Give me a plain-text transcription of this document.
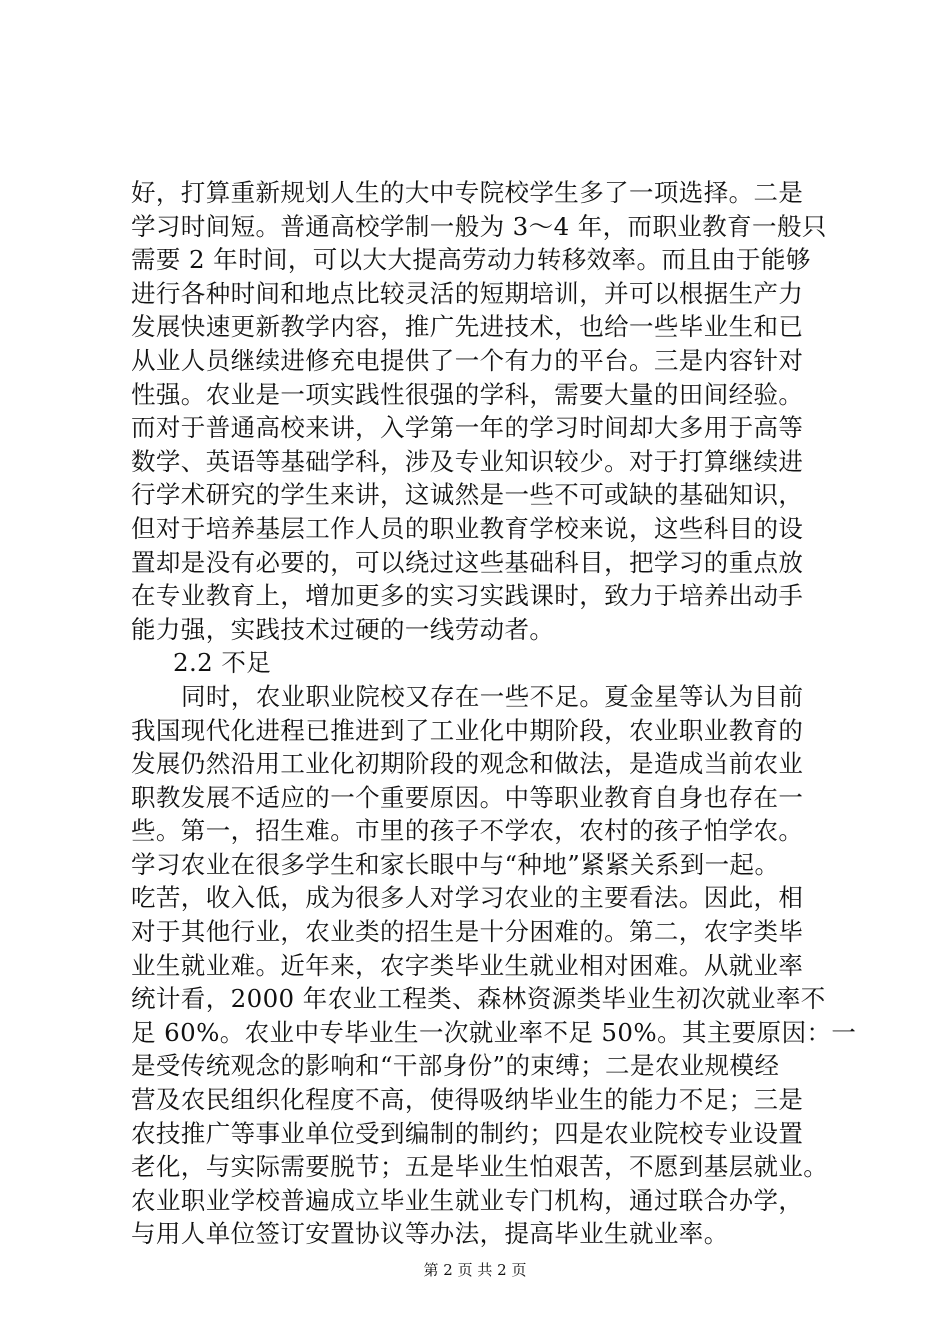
好，打算重新规划人生的大中专院校学生多了一项选择。二是
学习时间短。普通高校学制一般为 3～4 年，而职业教育一般只
需要 2 年时间，可以大大提高劳动力转移效率。而且由于能够
进行各种时间和地点比较灵活的短期培训，并可以根据生产力
发展快速更新教学内容，推广先进技术，也给一些毕业生和已
从业人员继续进修充电提供了一个有力的平台。三是内容针对
性强。农业是一项实践性很强的学科，需要大量的田间经验。
而对于普通高校来讲，入学第一年的学习时间却大多用于高等
数学、英语等基础学科，涉及专业知识较少。对于打算继续进
行学术研究的学生来讲，这诚然是一些不可或缺的基础知识，
但对于培养基层工作人员的职业教育学校来说，这些科目的设
置却是没有必要的，可以绕过这些基础科目，把学习的重点放
在专业教育上，增加更多的实习实践课时，致力于培养出动手
能力强，实践技术过硬的一线劳动者。
2.2 不足
同时，农业职业院校又存在一些不足。夏金星等认为目前
我国现代化进程已推进到了工业化中期阶段，农业职业教育的
发展仍然沿用工业化初期阶段的观念和做法，是造成当前农业
职教发展不适应的一个重要原因。中等职业教育自身也存在一
些。第一，招生难。市里的孩子不学农，农村的孩子怕学农。
学习农业在很多学生和家长眼中与“种地”紧紧关系到一起。
吃苦，收入低，成为很多人对学习农业的主要看法。因此，相
对于其他行业，农业类的招生是十分困难的。第二，农字类毕
业生就业难。近年来，农字类毕业生就业相对困难。从就业率
统计看，2000 年农业工程类、森林资源类毕业生初次就业率不
足 60%。农业中专毕业生一次就业率不足 50%。其主要原因：一
是受传统观念的影响和“干部身份”的束缚；二是农业规模经
营及农民组织化程度不高，使得吸纳毕业生的能力不足；三是
农技推广等事业单位受到编制的制约；四是农业院校专业设置
老化，与实际需要脱节；五是毕业生怕艰苦，不愿到基层就业。
农业职业学校普遍成立毕业生就业专门机构，通过联合办学，
与用人单位签订安置协议等办法，提高毕业生就业率。
第 2 页 共 2 页
